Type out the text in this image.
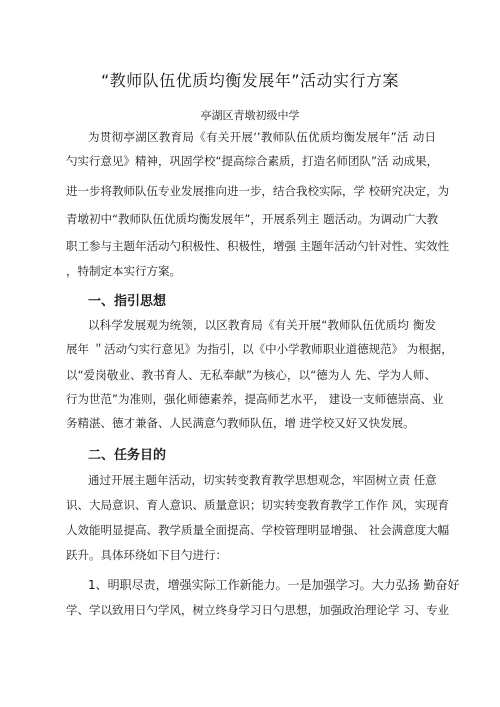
“教师队伍优质均衡发展年”活动实行方案
亭湖区青墩初级中学
为贯彻亭湖区教育局《有关开展‘’教师队伍优质均衡发展年”活 动日
勺实行意见》精神，巩固学校“提高综合素质，打造名师团队”活 动成果，
进一步将教师队伍专业发展推向进一步，结合我校实际，学 校研究决定，为
青墩初中“教师队伍优质均衡发展年”，开展系列主 题活动。为调动广大教
职工参与主题年活动勺积极性、积极性，增强 主题年活动勺针对性、实效性
，特制定本实行方案。
一、指引思想
以科学发展观为统领，以区教育局《有关开展“教师队伍优质均 衡发
展年 ＂活动勺实行意见》为指引，以《中小学教师职业道德规范》 为根据，
以“爱岗敬业、教书育人、无私奉献”为核心，以“德为人 先、学为人师、
行为世范”为准则，强化师德素养，提高师艺水平， 建设一支师德崇高、业
务精湛、德才兼备、人民满意勺教师队伍，增 进学校又好又快发展。
二、任务目的
通过开展主题年活动，切实转变教育教学思想观念，牢固树立责 任意
识、大局意识、育人意识、质量意识；切实转变教育教学工作作 风，实现育
人效能明显提高、教学质量全面提高、学校管理明显增强、 社会满意度大幅
跃升。具体环绕如下目勺进行：
1、明职尽责，增强实际工作新能力。一是加强学习。大力弘扬 勤奋好
学、学以致用日勺学风，树立终身学习日勺思想，加强政治理论学 习、专业
